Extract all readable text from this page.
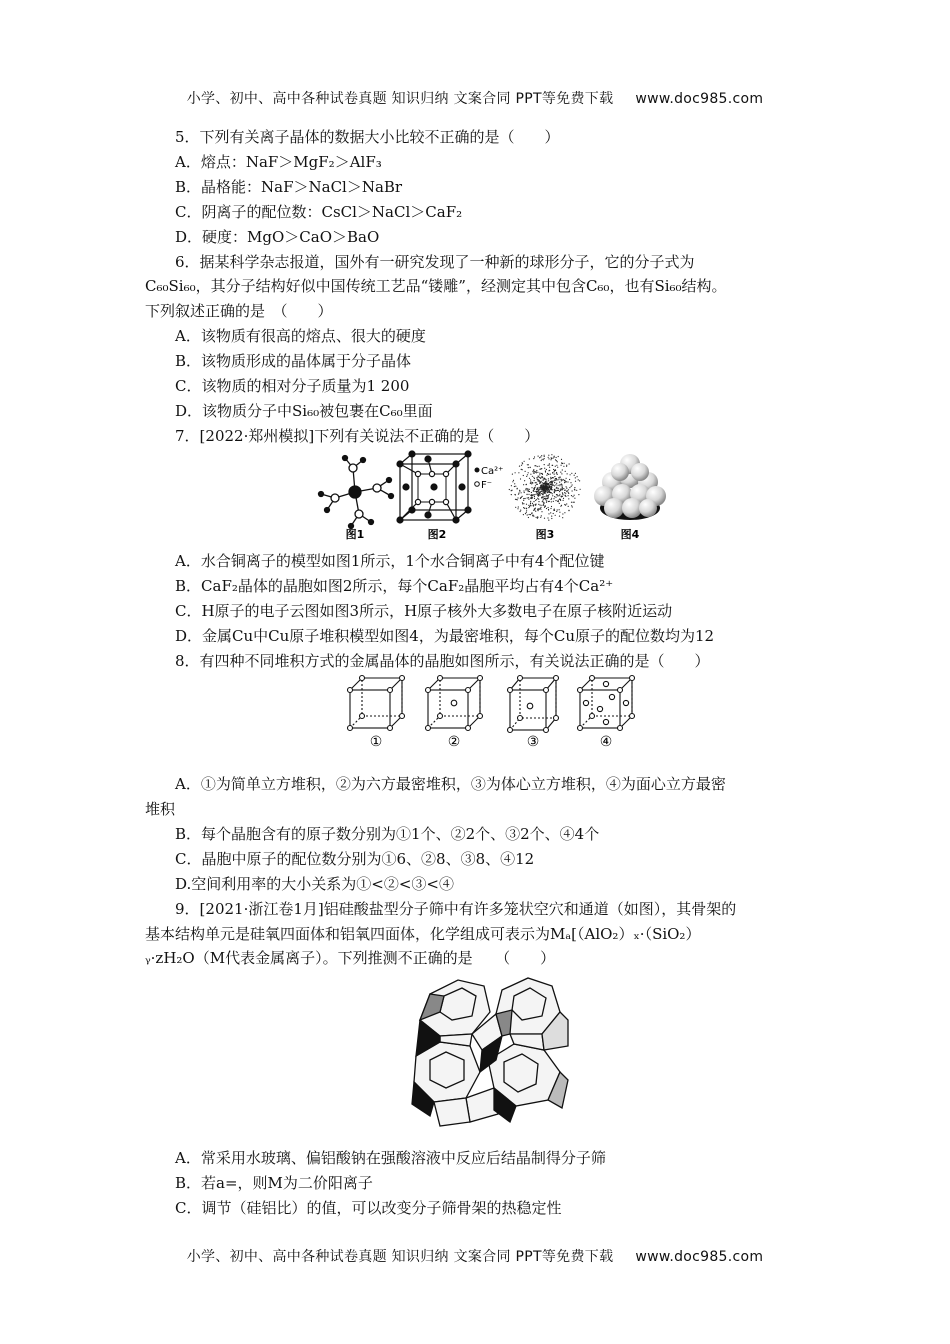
小学、初中、高中各种试卷真题 知识归纳 文案合同 PPT等免费下载 www.doc985.com
5．下列有关离子晶体的数据大小比较不正确的是（　　）
A．熔点：NaF＞MgF₂＞AlF₃
B．晶格能：NaF＞NaCl＞NaBr
C．阴离子的配位数：CsCl＞NaCl＞CaF₂
D．硬度：MgO＞CaO＞BaO
6．据某科学杂志报道，国外有一研究发现了一种新的球形分子，它的分子式为
C₆₀Si₆₀，其分子结构好似中国传统工艺品“镂雕”，经测定其中包含C₆₀，也有Si₆₀结构。
下列叙述正确的是　（　　）
A．该物质有很高的熔点、很大的硬度
B．该物质形成的晶体属于分子晶体
C．该物质的相对分子质量为1 200
D．该物质分子中Si₆₀被包裹在C₆₀里面
7．[2022·郑州模拟]下列有关说法不正确的是（　　）
图1
Ca²⁺
F⁻
图2	图3	图4
A．水合铜离子的模型如图1所示，1个水合铜离子中有4个配位键
B．CaF₂晶体的晶胞如图2所示，每个CaF₂晶胞平均占有4个Ca²⁺
C．H原子的电子云图如图3所示，H原子核外大多数电子在原子核附近运动
D．金属Cu中Cu原子堆积模型如图4，为最密堆积，每个Cu原子的配位数均为12
8．有四种不同堆积方式的金属晶体的晶胞如图所示，有关说法正确的是（　　）
①	②	③	④
A．①为简单立方堆积，②为六方最密堆积，③为体心立方堆积，④为面心立方最密
堆积
B．每个晶胞含有的原子数分别为①1个、②2个、③2个、④4个
C．晶胞中原子的配位数分别为①6、②8、③8、④12
D.空间利用率的大小关系为①<②<③<④
9．[2021·浙江卷1月]铝硅酸盐型分子筛中有许多笼状空穴和通道（如图），其骨架的
基本结构单元是硅氧四面体和铝氧四面体，化学组成可表示为Mₐ[（AlO₂）ₓ·（SiO₂）
ᵧ·zH₂O（M代表金属离子）。下列推测不正确的是　　（　　）
A．常采用水玻璃、偏铝酸钠在强酸溶液中反应后结晶制得分子筛
B．若a=，则M为二价阳离子
C．调节（硅铝比）的值，可以改变分子筛骨架的热稳定性
小学、初中、高中各种试卷真题 知识归纳 文案合同 PPT等免费下载 www.doc985.com
